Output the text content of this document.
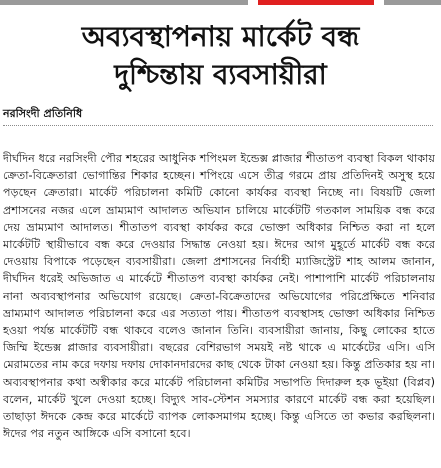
অব্যবস্থাপনায় মার্কেট বন্ধ
দুশ্চিন্তায় ব্যবসায়ীরা

নরসিংদী প্রতিনিধি

দীর্ঘদিন ধরে নরসিংদী পৌর শহরের আধুনিক শপিংমল ইন্ডেক্স প্লাজার শীতাতপ ব্যবস্থা বিকল থাকায় ক্রেতা-বিক্রেতারা ভোগান্তির শিকার হচ্ছেন। শপিংয়ে এসে তীব্র গরমে প্রায় প্রতিদিনই অসুস্থ হয়ে পড়ছেন ক্রেতারা। মার্কেট পরিচালনা কমিটি কোনো কার্যকর ব্যবস্থা নিচ্ছে না। বিষয়টি জেলা প্রশাসনের নজর এলে ভ্রাম্যমাণ আদালত অভিযান চালিয়ে মার্কেটটি গতকাল সাময়িক বন্ধ করে দেয় ভ্রাম্যমাণ আদালত। শীতাতপ ব্যবস্থা কার্যকর করে ভোক্তা অধিকার নিশ্চিত করা না হলে মার্কেটটি স্থায়ীভাবে বন্ধ করে দেওয়ার সিদ্ধান্ত নেওয়া হয়। ঈদের আগ মুহূর্তে মার্কেট বন্ধ করে দেওয়ায় বিপাকে পড়েছেন ব্যবসায়ীরা। জেলা প্রশাসনের নির্বাহী ম্যাজিস্ট্রেট শাহ আলম জানান, দীর্ঘদিন ধরেই অভিজাত এ মার্কেটে শীতাতপ ব্যবস্থা কার্যকর নেই। পাশাপাশি মার্কেট পরিচালনায় নানা অব্যবস্থাপনার অভিযোগ রয়েছে। ক্রেতা-বিক্রেতাদের অভিযোগের পরিপ্রেক্ষিতে শনিবার ভ্রাম্যমাণ আদালত পরিচালনা করে এর সত্যতা পায়। শীতাতপ ব্যবস্থাসহ ভোক্তা অধিকার নিশ্চিত হওয়া পর্যন্ত মার্কেটটি বন্ধ থাকবে বলেও জানান তিনি। ব্যবসায়ীরা জানায়, কিছু লোকের হাতে জিম্মি ইন্ডেক্স প্লাজার ব্যবসায়ীরা। বছরের বেশিরভাগ সময়ই নষ্ট থাকে এ মার্কেটের এসি। এসি মেরামতের নাম করে দফায় দফায় দোকানদারদের কাছ থেকে টাকা নেওয়া হয়। কিন্তু প্রতিকার হয় না। অব্যবস্থাপনার কথা অস্বীকার করে মার্কেট পরিচালনা কমিটির সভাপতি দিদারুল হক ভূইয়া (বিপ্লব) বলেন, মার্কেট খুলে দেওয়া হচ্ছে। বিদ্যুৎ সাব-স্টেশন সমস্যার কারণে মার্কেট বন্ধ করা হয়েছিল। তাছাড়া ঈদকে কেন্দ্র করে মার্কেটে ব্যাপক লোকসমাগম হচ্ছে। কিন্তু এসিতে তা কভার করছিলনা। ঈদের পর নতুন আঙ্গিকে এসি বসানো হবে।
